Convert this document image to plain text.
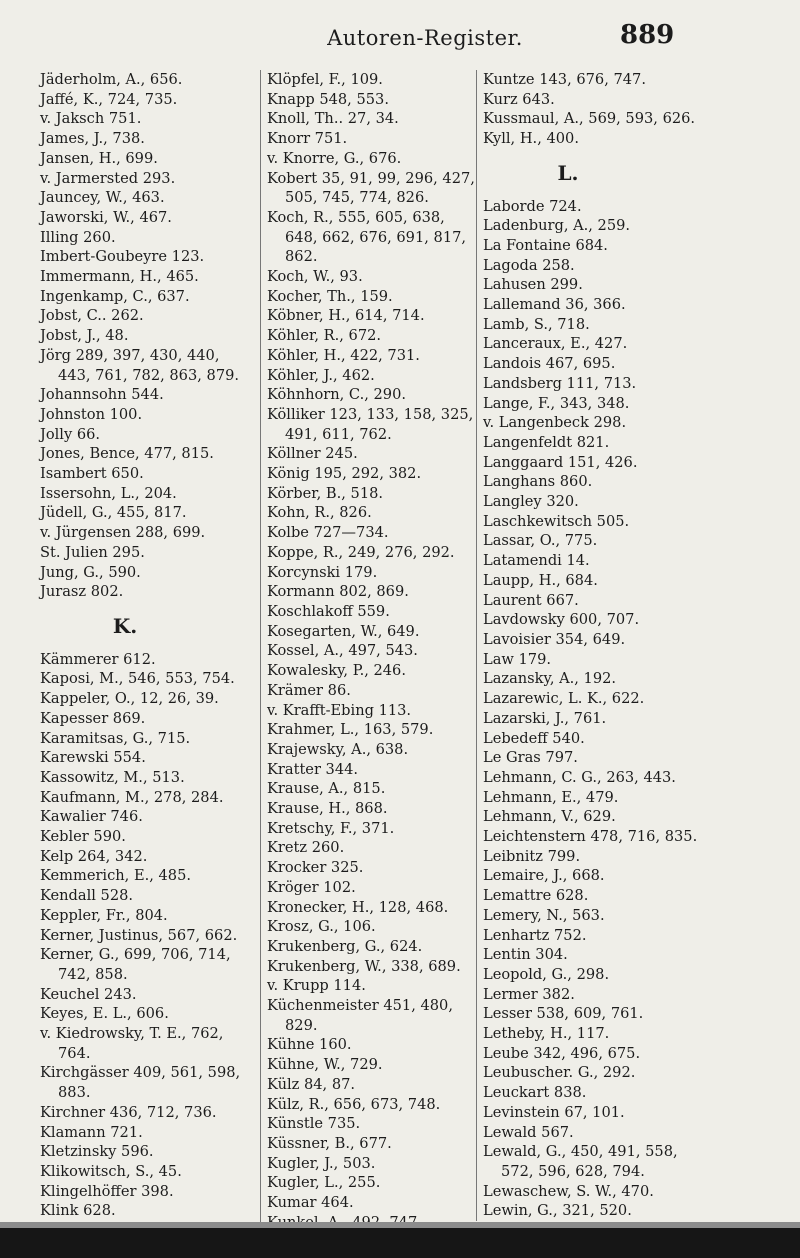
Autoren-Register.	889
Jäderholm, A., 656.
Jaffé, K., 724, 735.
v. Jaksch 751.
James, J., 738.
Jansen, H., 699.
v. Jarmersted 293.
Jauncey, W., 463.
Jaworski, W., 467.
Illing 260.
Imbert-Goubeyre 123.
Immermann, H., 465.
Ingenkamp, C., 637.
Jobst, C.. 262.
Jobst, J., 48.
Jörg 289, 397, 430, 440,
443, 761, 782, 863, 879.
Johannsohn 544.
Johnston 100.
Jolly 66.
Jones, Bence, 477, 815.
Isambert 650.
Issersohn, L., 204.
Jüdell, G., 455, 817.
v. Jürgensen 288, 699.
St. Julien 295.
Jung, G., 590.
Jurasz 802.
K.
Kämmerer 612.
Kaposi, M., 546, 553, 754.
Kappeler, O., 12, 26, 39.
Kapesser 869.
Karamitsas, G., 715.
Karewski 554.
Kassowitz, M., 513.
Kaufmann, M., 278, 284.
Kawalier 746.
Kebler 590.
Kelp 264, 342.
Kemmerich, E., 485.
Kendall 528.
Keppler, Fr., 804.
Kerner, Justinus, 567, 662.
Kerner, G., 699, 706, 714,
742, 858.
Keuchel 243.
Keyes, E. L., 606.
v. Kiedrowsky, T. E., 762,
764.
Kirchgässer 409, 561, 598,
883.
Kirchner 436, 712, 736.
Klamann 721.
Kletzinsky 596.
Klikowitsch, S., 45.
Klingelhöffer 398.
Klink 628.
Klöpfel, F., 109.
Knapp 548, 553.
Knoll, Th.. 27, 34.
Knorr 751.
v. Knorre, G., 676.
Kobert 35, 91, 99, 296, 427,
505, 745, 774, 826.
Koch, R., 555, 605, 638,
648, 662, 676, 691, 817,
862.
Koch, W., 93.
Kocher, Th., 159.
Köbner, H., 614, 714.
Köhler, R., 672.
Köhler, H., 422, 731.
Köhler, J., 462.
Köhnhorn, C., 290.
Kölliker 123, 133, 158, 325,
491, 611, 762.
Köllner 245.
König 195, 292, 382.
Körber, B., 518.
Kohn, R., 826.
Kolbe 727—734.
Koppe, R., 249, 276, 292.
Korcynski 179.
Kormann 802, 869.
Koschlakoff 559.
Kosegarten, W., 649.
Kossel, A., 497, 543.
Kowalesky, P., 246.
Krämer 86.
v. Krafft-Ebing 113.
Krahmer, L., 163, 579.
Krajewsky, A., 638.
Kratter 344.
Krause, A., 815.
Krause, H., 868.
Kretschy, F., 371.
Kretz 260.
Krocker 325.
Kröger 102.
Kronecker, H., 128, 468.
Krosz, G., 106.
Krukenberg, G., 624.
Krukenberg, W., 338, 689.
v. Krupp 114.
Küchenmeister 451, 480,
829.
Kühne 160.
Kühne, W., 729.
Külz 84, 87.
Külz, R., 656, 673, 748.
Künstle 735.
Küssner, B., 677.
Kugler, J., 503.
Kugler, L., 255.
Kumar 464.
Kuntze 143, 676, 747.
Kurz 643.
Kussmaul, A., 569, 593, 626.
Kyll, H., 400.
L.
Laborde 724.
Ladenburg, A., 259.
La Fontaine 684.
Lagoda 258.
Lahusen 299.
Lallemand 36, 366.
Lamb, S., 718.
Lanceraux, E., 427.
Landois 467, 695.
Landsberg 111, 713.
Lange, F., 343, 348.
v. Langenbeck 298.
Langenfeldt 821.
Langgaard 151, 426.
Langhans 860.
Langley 320.
Laschkewitsch 505.
Lassar, O., 775.
Latamendi 14.
Laupp, H., 684.
Laurent 667.
Lavdowsky 600, 707.
Lavoisier 354, 649.
Law 179.
Lazansky, A., 192.
Lazarewic, L. K., 622.
Lazarski, J., 761.
Lebedeff 540.
Le Gras 797.
Lehmann, C. G., 263, 443.
Lehmann, E., 479.
Lehmann, V., 629.
Leichtenstern 478, 716, 835.
Leibnitz 799.
Lemaire, J., 668.
Lemattre 628.
Lemery, N., 563.
Lenhartz 752.
Lentin 304.
Leopold, G., 298.
Lermer 382.
Lesser 538, 609, 761.
Letheby, H., 117.
Leube 342, 496, 675.
Leubuscher. G., 292.
Leuckart 838.
Levinstein 67, 101.
Lewald 567.
Lewald, G., 450, 491, 558,
572, 596, 628, 794.
Lewaschew, S. W., 470.
Lewin, G., 321, 520.
